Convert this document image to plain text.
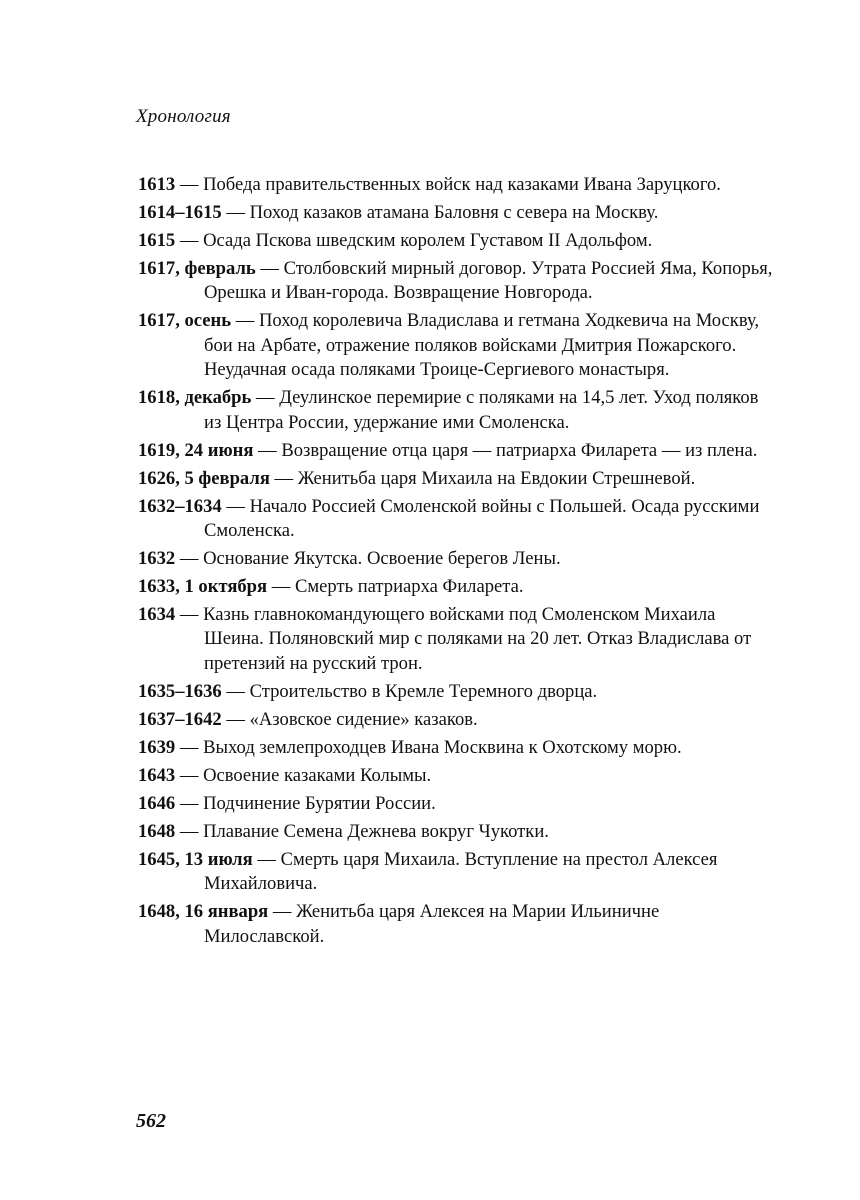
Хронология
1613 — Победа правительственных войск над казаками Ивана Заруцкого.
1614–1615 — Поход казаков атамана Баловня с севера на Москву.
1615 — Осада Пскова шведским королем Густавом II Адольфом.
1617, февраль — Столбовский мирный договор. Утрата Россией Яма, Копорья, Орешка и Иван-города. Возвращение Новгорода.
1617, осень — Поход королевича Владислава и гетмана Ходкевича на Москву, бои на Арбате, отражение поляков войсками Дмитрия Пожарского. Неудачная осада поляками Троице-Сергиевого монастыря.
1618, декабрь — Деулинское перемирие с поляками на 14,5 лет. Уход поляков из Центра России, удержание ими Смоленска.
1619, 24 июня — Возвращение отца царя — патриарха Филарета — из плена.
1626, 5 февраля — Женитьба царя Михаила на Евдокии Стрешневой.
1632–1634 — Начало Россией Смоленской войны с Польшей. Осада русскими Смоленска.
1632 — Основание Якутска. Освоение берегов Лены.
1633, 1 октября — Смерть патриарха Филарета.
1634 — Казнь главнокомандующего войсками под Смоленском Михаила Шеина. Поляновский мир с поляками на 20 лет. Отказ Владислава от претензий на русский трон.
1635–1636 — Строительство в Кремле Теремного дворца.
1637–1642 — «Азовское сидение» казаков.
1639 — Выход землепроходцев Ивана Москвина к Охотскому морю.
1643 — Освоение казаками Колымы.
1646 — Подчинение Бурятии России.
1648 — Плавание Семена Дежнева вокруг Чукотки.
1645, 13 июля — Смерть царя Михаила. Вступление на престол Алексея Михайловича.
1648, 16 января — Женитьба царя Алексея на Марии Ильиничне Милославской.
562
